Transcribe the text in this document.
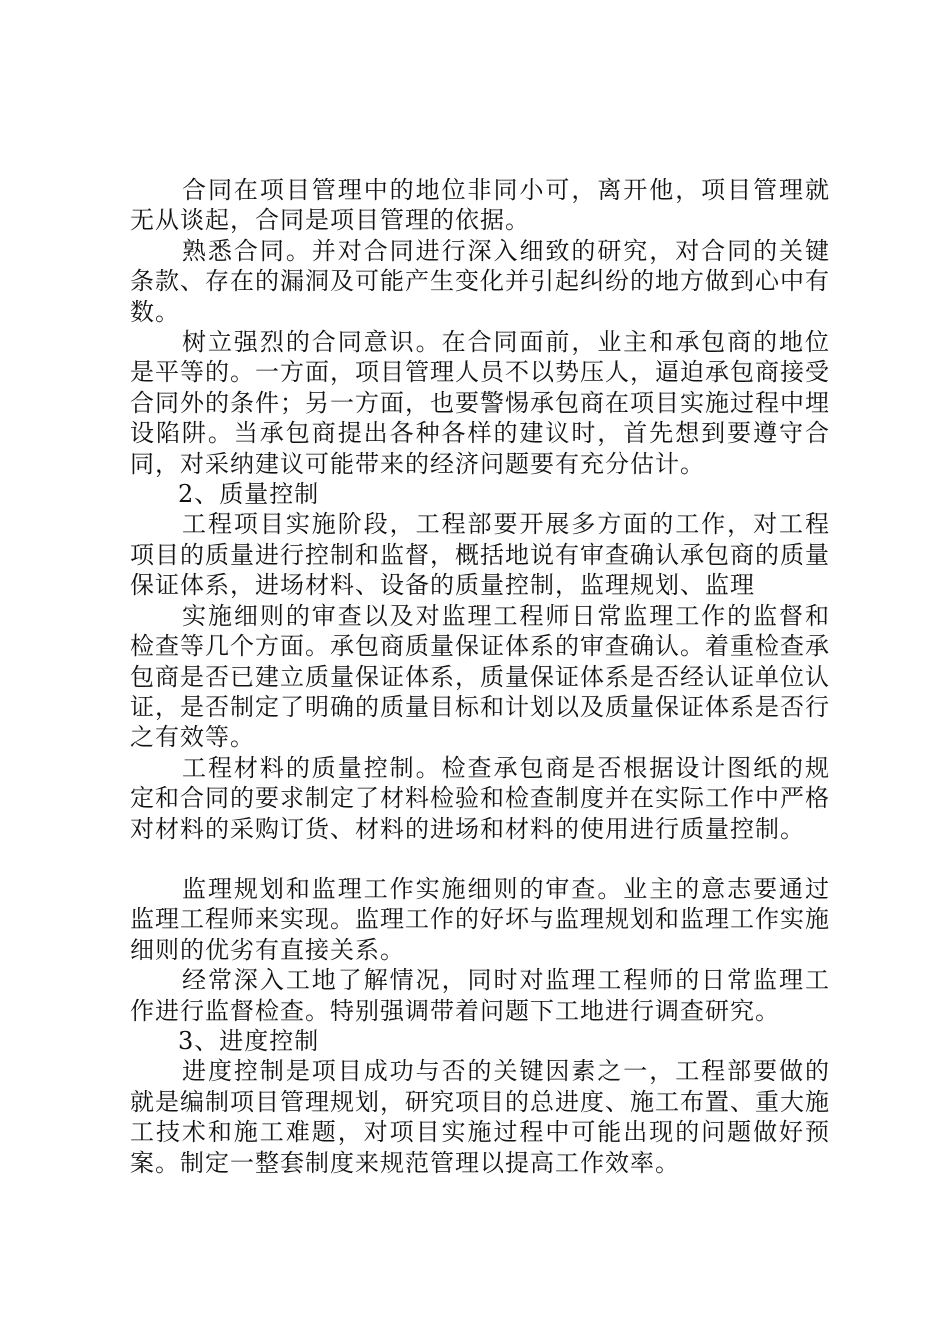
合同在项目管理中的地位非同小可，离开他，项目管理就无从谈起，合同是项目管理的依据。

熟悉合同。并对合同进行深入细致的研究，对合同的关键条款、存在的漏洞及可能产生变化并引起纠纷的地方做到心中有数。

树立强烈的合同意识。在合同面前，业主和承包商的地位是平等的。一方面，项目管理人员不以势压人，逼迫承包商接受合同外的条件；另一方面，也要警惕承包商在项目实施过程中埋设陷阱。当承包商提出各种各样的建议时，首先想到要遵守合同，对采纳建议可能带来的经济问题要有充分估计。

2、质量控制

工程项目实施阶段，工程部要开展多方面的工作，对工程项目的质量进行控制和监督，概括地说有审查确认承包商的质量保证体系，进场材料、设备的质量控制，监理规划、监理

实施细则的审查以及对监理工程师日常监理工作的监督和检查等几个方面。承包商质量保证体系的审查确认。着重检查承包商是否已建立质量保证体系，质量保证体系是否经认证单位认证，是否制定了明确的质量目标和计划以及质量保证体系是否行之有效等。

工程材料的质量控制。检查承包商是否根据设计图纸的规定和合同的要求制定了材料检验和检查制度并在实际工作中严格对材料的采购订货、材料的进场和材料的使用进行质量控制。

监理规划和监理工作实施细则的审查。业主的意志要通过监理工程师来实现。监理工作的好坏与监理规划和监理工作实施细则的优劣有直接关系。

经常深入工地了解情况，同时对监理工程师的日常监理工作进行监督检查。特别强调带着问题下工地进行调查研究。

3、进度控制

进度控制是项目成功与否的关键因素之一，工程部要做的就是编制项目管理规划，研究项目的总进度、施工布置、重大施工技术和施工难题，对项目实施过程中可能出现的问题做好预案。制定一整套制度来规范管理以提高工作效率。
